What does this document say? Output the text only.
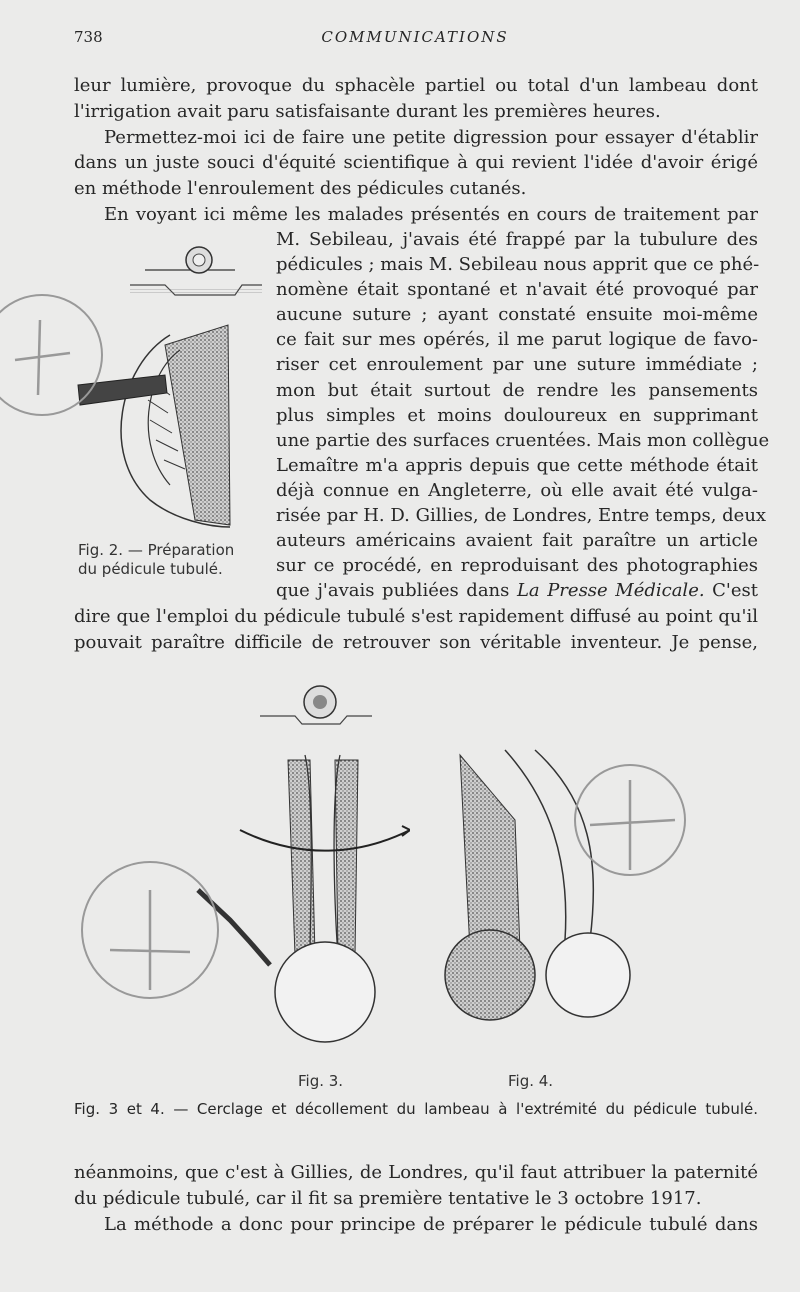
738	COMMUNICATIONS
leur lumière, provoque du sphacèle partiel ou total d'un lambeau dont
l'irrigation avait paru satisfaisante durant les premières heures.
Permettez-moi ici de faire une petite digression pour essayer d'établir
dans un juste souci d'équité scientifique à qui revient l'idée d'avoir érigé
en méthode l'enroulement des pédicules cutanés.
En voyant ici même les malades présentés en cours de traitement par
M. Sebileau, j'avais été frappé par la tubulure des
pédicules ; mais M. Sebileau nous apprit que ce phé-
nomène était spontané et n'avait été provoqué par
aucune suture ; ayant constaté ensuite moi-même
ce fait sur mes opérés, il me parut logique de favo-
riser cet enroulement par une suture immédiate ;
mon but était surtout de rendre les pansements
plus simples et moins douloureux en supprimant
une partie des surfaces cruentées. Mais mon collègue
Lemaître m'a appris depuis que cette méthode était
déjà connue en Angleterre, où elle avait été vulga-
risée par H. D. Gillies, de Londres, Entre temps, deux
auteurs américains avaient fait paraître un article
sur ce procédé, en reproduisant des photographies
que j'avais publiées dans La Presse Médicale. C'est
dire que l'emploi du pédicule tubulé s'est rapidement diffusé au point qu'il
pouvait paraître difficile de retrouver son véritable inventeur. Je pense,
Fig. 2. — Préparation
du pédicule tubulé.
Fig. 3.	Fig. 4.
Fig. 3 et 4. — Cerclage et décollement du lambeau à l'extrémité du pédicule tubulé.
néanmoins, que c'est à Gillies, de Londres, qu'il faut attribuer la paternité
du pédicule tubulé, car il fit sa première tentative le 3 octobre 1917.
La méthode a donc pour principe de préparer le pédicule tubulé dans
